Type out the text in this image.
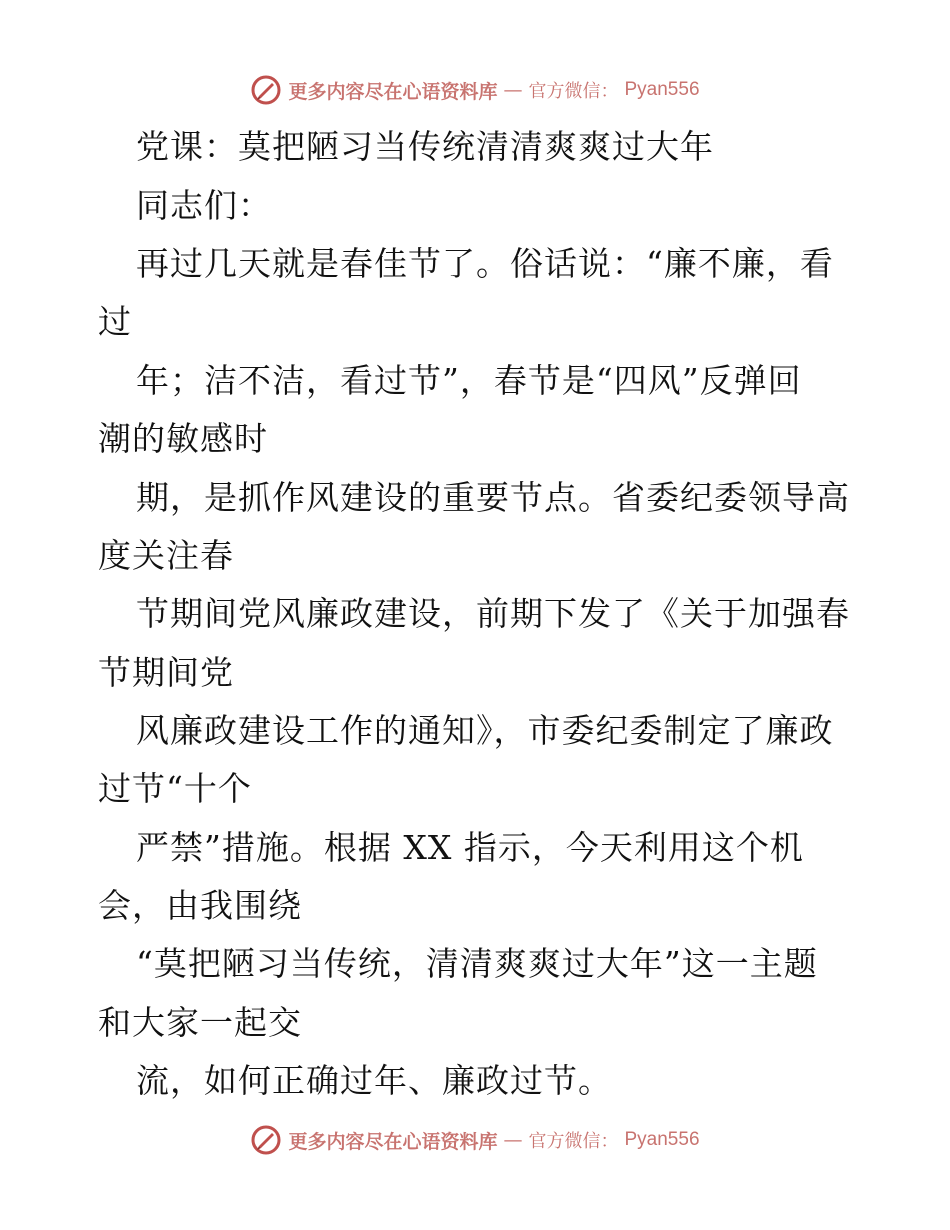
更多内容尽在心语资料库 — 官方微信： Pyan556
党课：莫把陋习当传统清清爽爽过大年
同志们：
再过几天就是春佳节了。俗话说：“廉不廉，看
过
年；洁不洁，看过节”，春节是“四风”反弹回
潮的敏感时
期，是抓作风建设的重要节点。省委纪委领导高
度关注春
节期间党风廉政建设，前期下发了《关于加强春
节期间党
风廉政建设工作的通知》，市委纪委制定了廉政
过节“十个
严禁”措施。根据 XX 指示，今天利用这个机
会，由我围绕
“莫把陋习当传统，清清爽爽过大年”这一主题
和大家一起交
流，如何正确过年、廉政过节。
更多内容尽在心语资料库 — 官方微信： Pyan556
